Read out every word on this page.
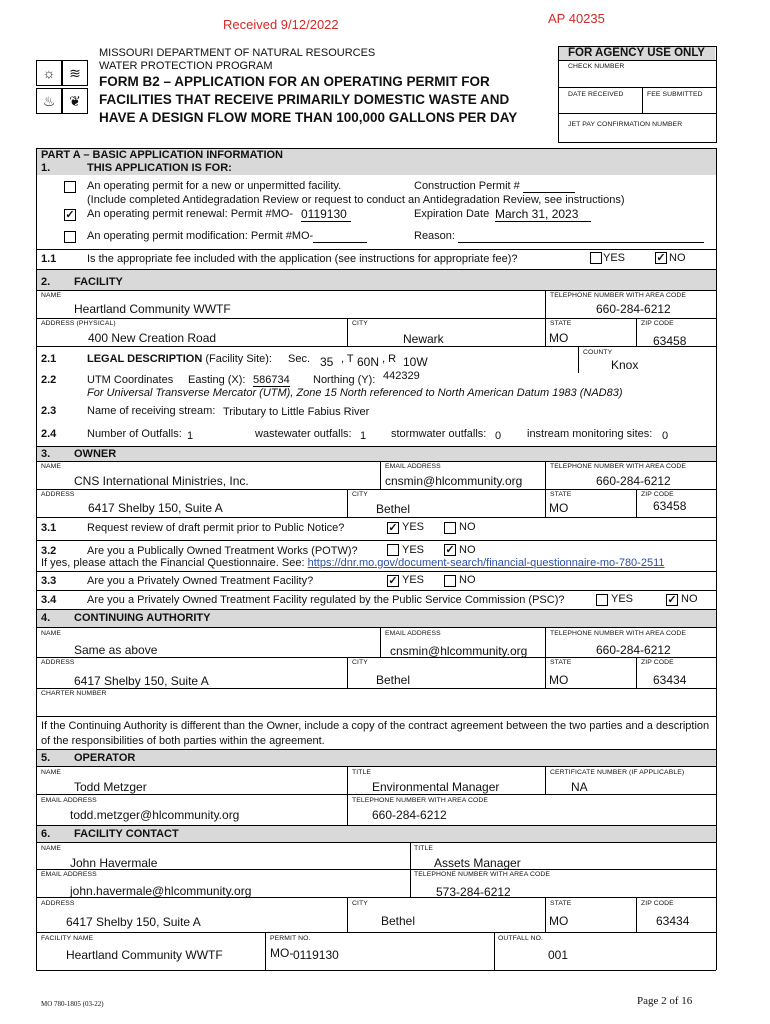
Received 9/12/2022	AP 40235
☼ ≋
♨ ❦
MISSOURI DEPARTMENT OF NATURAL RESOURCES
WATER PROTECTION PROGRAM
FORM B2 – APPLICATION FOR AN OPERATING PERMIT FOR FACILITIES THAT RECEIVE PRIMARILY DOMESTIC WASTE AND HAVE A DESIGN FLOW MORE THAN 100,000 GALLONS PER DAY
FOR AGENCY USE ONLY
CHECK NUMBER
DATE RECEIVED	FEE SUBMITTED
JET PAY CONFIRMATION NUMBER
PART A – BASIC APPLICATION INFORMATION
1.	THIS APPLICATION IS FOR:
An operating permit for a new or unpermitted facility.	Construction Permit #
(Include completed Antidegradation Review or request to conduct an Antidegradation Review, see instructions)
✓ An operating permit renewal: Permit #MO- 0119130	Expiration Date March 31, 2023
An operating permit modification: Permit #MO-	Reason:
1.1	Is the appropriate fee included with the application (see instructions for appropriate fee)?	YES	✓ NO
2. FACILITY
NAME	TELEPHONE NUMBER WITH AREA CODE
Heartland Community WWTF	660-284-6212
ADDRESS (PHYSICAL)	CITY	STATE	ZIP CODE
400 New Creation Road	Newark	MO	63458
COUNTY
Knox
2.1	LEGAL DESCRIPTION (Facility Site): Sec. 35 , T 60N , R 10W
2.2	UTM Coordinates Easting (X): 586734 Northing (Y): 442329
For Universal Transverse Mercator (UTM), Zone 15 North referenced to North American Datum 1983 (NAD83)
2.3	Name of receiving stream: Tributary to Little Fabius River
2.4	Number of Outfalls: 1	wastewater outfalls: 1 stormwater outfalls: 0 instream monitoring sites: 0
3. OWNER
NAME	EMAIL ADDRESS	TELEPHONE NUMBER WITH AREA CODE
CNS International Ministries, Inc.	cnsmin@hlcommunity.org	660-284-6212
ADDRESS	CITY	STATE	ZIP CODE
6417 Shelby 150, Suite A	Bethel	MO	63458
3.1	Request review of draft permit prior to Public Notice?	✓ YES	NO
3.2	Are you a Publically Owned Treatment Works (POTW)?	YES ✓ NO
If yes, please attach the Financial Questionnaire. See: https://dnr.mo.gov/document-search/financial-questionnaire-mo-780-2511
3.3	Are you a Privately Owned Treatment Facility?	✓ YES	NO
3.4	Are you a Privately Owned Treatment Facility regulated by the Public Service Commission (PSC)?	YES	✓ NO
4. CONTINUING AUTHORITY
NAME	EMAIL ADDRESS	TELEPHONE NUMBER WITH AREA CODE
Same as above	cnsmin@hlcommunity.org	660-284-6212
ADDRESS	CITY	STATE	ZIP CODE
6417 Shelby 150, Suite A	Bethel	MO	63434
CHARTER NUMBER
If the Continuing Authority is different than the Owner, include a copy of the contract agreement between the two parties and a description of the responsibilities of both parties within the agreement.
5. OPERATOR
NAME	TITLE	CERTIFICATE NUMBER (IF APPLICABLE)
Todd Metzger	Environmental Manager	NA
EMAIL ADDRESS	TELEPHONE NUMBER WITH AREA CODE
todd.metzger@hlcommunity.org	660-284-6212
6. FACILITY CONTACT
NAME	TITLE
John Havermale	Assets Manager
EMAIL ADDRESS	TELEPHONE NUMBER WITH AREA CODE
john.havermale@hlcommunity.org	573-284-6212
ADDRESS	CITY	STATE	ZIP CODE
6417 Shelby 150, Suite A	Bethel	MO	63434
FACILITY NAME	PERMIT NO.	OUTFALL NO.
Heartland Community WWTF	MO- 0119130	001
MO 780-1805 (03-22)	Page 2 of 16
